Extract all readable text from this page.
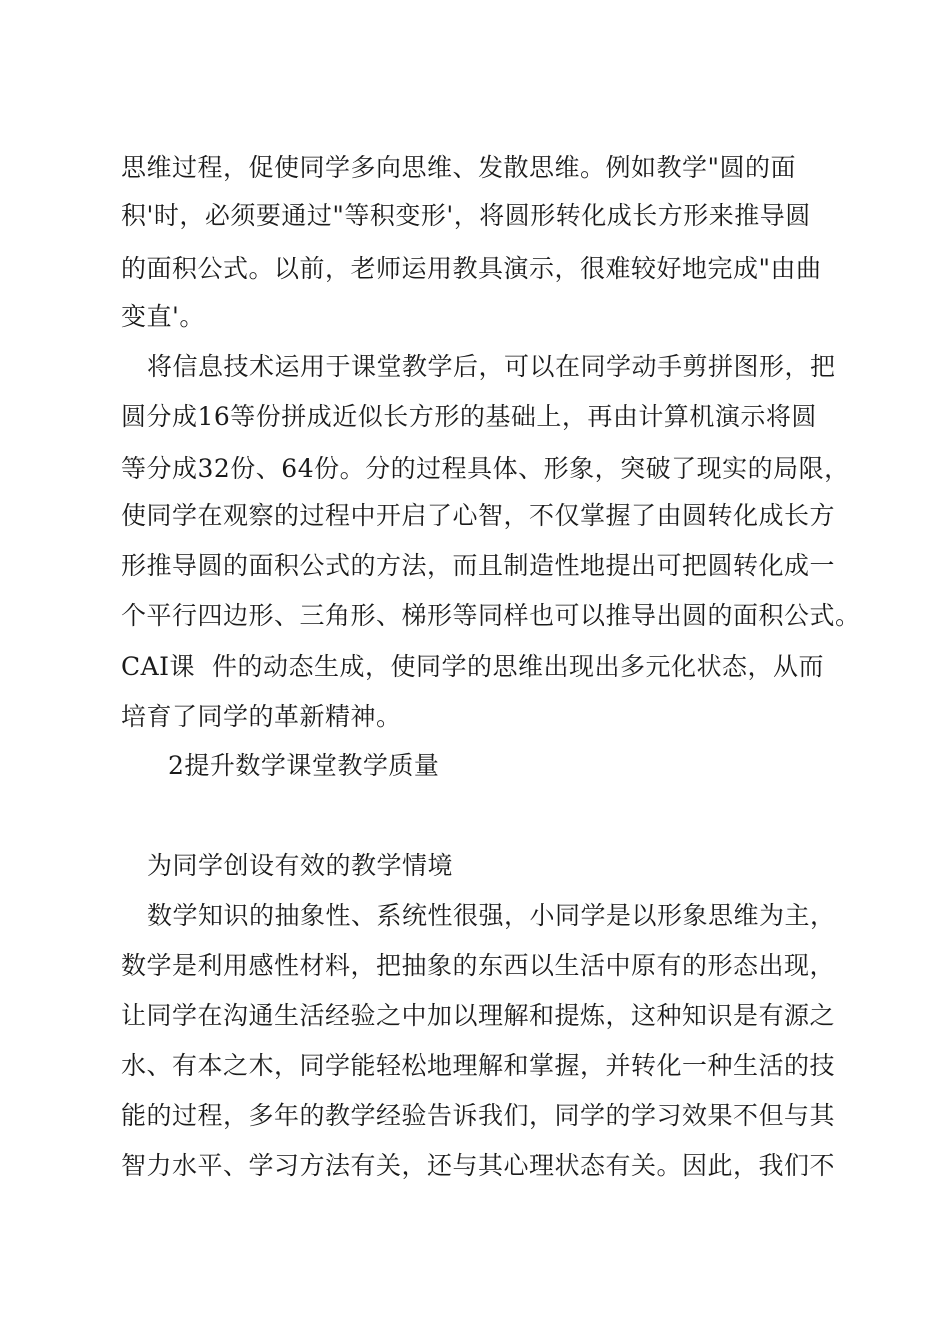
思维过程，促使同学多向思维、发散思维。例如教学"圆的面
积'时，必须要通过"等积变形'，将圆形转化成长方形来推导圆
的面积公式。以前，老师运用教具演示，很难较好地完成"由曲
变直'。
将信息技术运用于课堂教学后，可以在同学动手剪拼图形，把
圆分成16等份拼成近似长方形的基础上，再由计算机演示将圆
等分成32份、64份。分的过程具体、形象，突破了现实的局限，
使同学在观察的过程中开启了心智，不仅掌握了由圆转化成长方
形推导圆的面积公式的方法，而且制造性地提出可把圆转化成一
个平行四边形、三角形、梯形等同样也可以推导出圆的面积公式。
CAI课  件的动态生成，使同学的思维出现出多元化状态，从而
培育了同学的革新精神。
2提升数学课堂教学质量
为同学创设有效的教学情境
数学知识的抽象性、系统性很强，小同学是以形象思维为主，
数学是利用感性材料，把抽象的东西以生活中原有的形态出现，
让同学在沟通生活经验之中加以理解和提炼，这种知识是有源之
水、有本之木，同学能轻松地理解和掌握，并转化一种生活的技
能的过程，多年的教学经验告诉我们，同学的学习效果不但与其
智力水平、学习方法有关，还与其心理状态有关。因此，我们不
